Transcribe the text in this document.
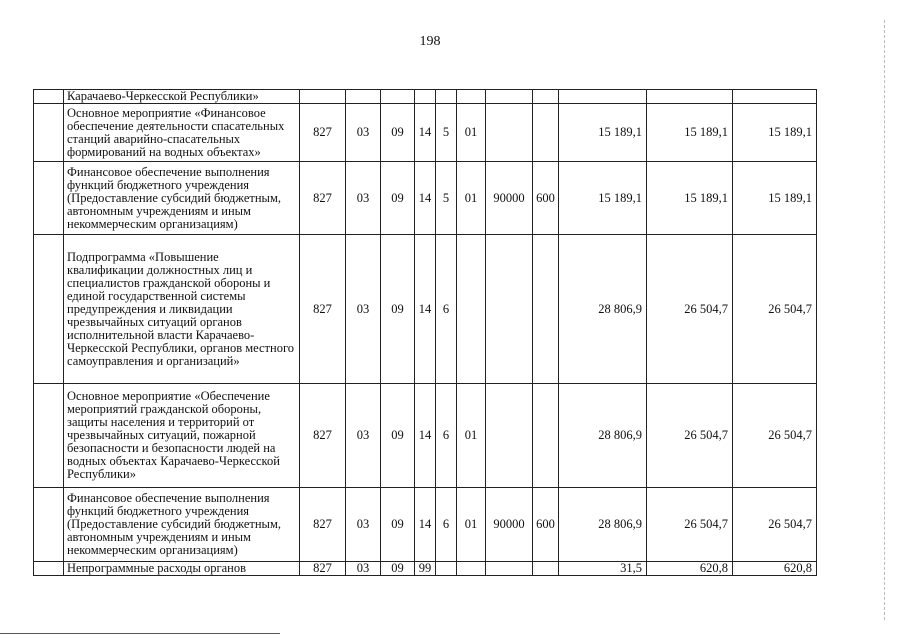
198
	Карачаево-Черкесской Республики»											
	Основное мероприятие «Финансовое обеспечение деятельности спасательных станций аварийно-спасательных формирований на водных объектах»	827	03	09	14	5	01			15 189,1	15 189,1	15 189,1
	Финансовое обеспечение выполнения функций бюджетного учреждения (Предоставление субсидий бюджетным, автономным учреждениям и иным некоммерческим организациям)	827	03	09	14	5	01	90000	600	15 189,1	15 189,1	15 189,1
	Подпрограмма «Повышение квалификации должностных лиц и специалистов гражданской обороны и единой государственной системы предупреждения и ликвидации чрезвычайных ситуаций органов исполнительной власти Карачаево-Черкесской Республики, органов местного самоуправления и организаций»	827	03	09	14	6				28 806,9	26 504,7	26 504,7
	Основное мероприятие «Обеспечение мероприятий гражданской обороны, защиты населения и территорий от чрезвычайных ситуаций, пожарной безопасности и безопасности людей на водных объектах Карачаево-Черкесской Республики»	827	03	09	14	6	01			28 806,9	26 504,7	26 504,7
	Финансовое обеспечение выполнения функций бюджетного учреждения (Предоставление субсидий бюджетным, автономным учреждениям и иным некоммерческим организациям)	827	03	09	14	6	01	90000	600	28 806,9	26 504,7	26 504,7
	Непрограммные расходы органов	827	03	09	99					31,5	620,8	620,8
